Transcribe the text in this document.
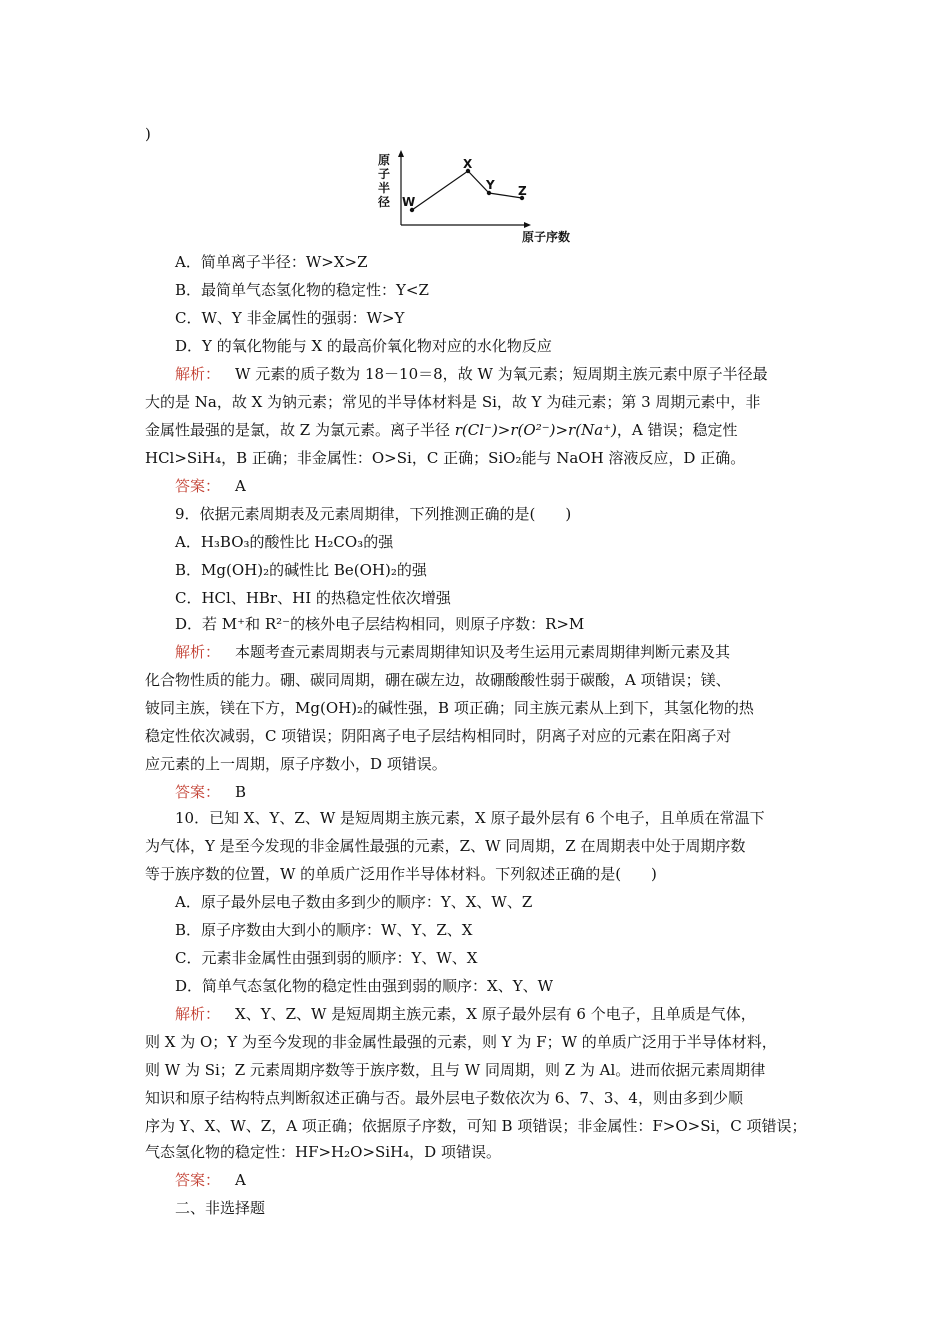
)
原
子
半
径 W
X
Y Z
原子序数
A．简单离子半径：W>X>Z
B．最简单气态氢化物的稳定性：Y<Z
C．W、Y 非金属性的强弱：W>Y
D．Y 的氧化物能与 X 的最高价氧化物对应的水化物反应
解析：  W 元素的质子数为 18－10＝8，故 W 为氧元素；短周期主族元素中原子半径最
大的是 Na，故 X 为钠元素；常见的半导体材料是 Si，故 Y 为硅元素；第 3 周期元素中，非
金属性最强的是氯，故 Z 为氯元素。离子半径 r(Cl⁻)>r(O²⁻)>r(Na⁺)，A 错误；稳定性
HCl>SiH₄，B 正确；非金属性：O>Si，C 正确；SiO₂能与 NaOH 溶液反应，D 正确。
答案：  A
9．依据元素周期表及元素周期律，下列推测正确的是(　　)
A．H₃BO₃的酸性比 H₂CO₃的强
B．Mg(OH)₂的碱性比 Be(OH)₂的强
C．HCl、HBr、HI 的热稳定性依次增强
D．若 M⁺和 R²⁻的核外电子层结构相同，则原子序数：R>M
解析：  本题考查元素周期表与元素周期律知识及考生运用元素周期律判断元素及其
化合物性质的能力。硼、碳同周期，硼在碳左边，故硼酸酸性弱于碳酸，A 项错误；镁、
铍同主族，镁在下方，Mg(OH)₂的碱性强，B 项正确；同主族元素从上到下，其氢化物的热
稳定性依次减弱，C 项错误；阴阳离子电子层结构相同时，阴离子对应的元素在阳离子对
应元素的上一周期，原子序数小，D 项错误。
答案：  B
10．已知 X、Y、Z、W 是短周期主族元素，X 原子最外层有 6 个电子，且单质在常温下
为气体，Y 是至今发现的非金属性最强的元素，Z、W 同周期，Z 在周期表中处于周期序数
等于族序数的位置，W 的单质广泛用作半导体材料。下列叙述正确的是(　　)
A．原子最外层电子数由多到少的顺序：Y、X、W、Z
B．原子序数由大到小的顺序：W、Y、Z、X
C．元素非金属性由强到弱的顺序：Y、W、X
D．简单气态氢化物的稳定性由强到弱的顺序：X、Y、W
解析：  X、Y、Z、W 是短周期主族元素，X 原子最外层有 6 个电子，且单质是气体，
则 X 为 O；Y 为至今发现的非金属性最强的元素，则 Y 为 F；W 的单质广泛用于半导体材料，
则 W 为 Si；Z 元素周期序数等于族序数，且与 W 同周期，则 Z 为 Al。进而依据元素周期律
知识和原子结构特点判断叙述正确与否。最外层电子数依次为 6、7、3、4，则由多到少顺
序为 Y、X、W、Z，A 项正确；依据原子序数，可知 B 项错误；非金属性：F>O>Si，C 项错误；
气态氢化物的稳定性：HF>H₂O>SiH₄，D 项错误。
答案：  A
二、非选择题
